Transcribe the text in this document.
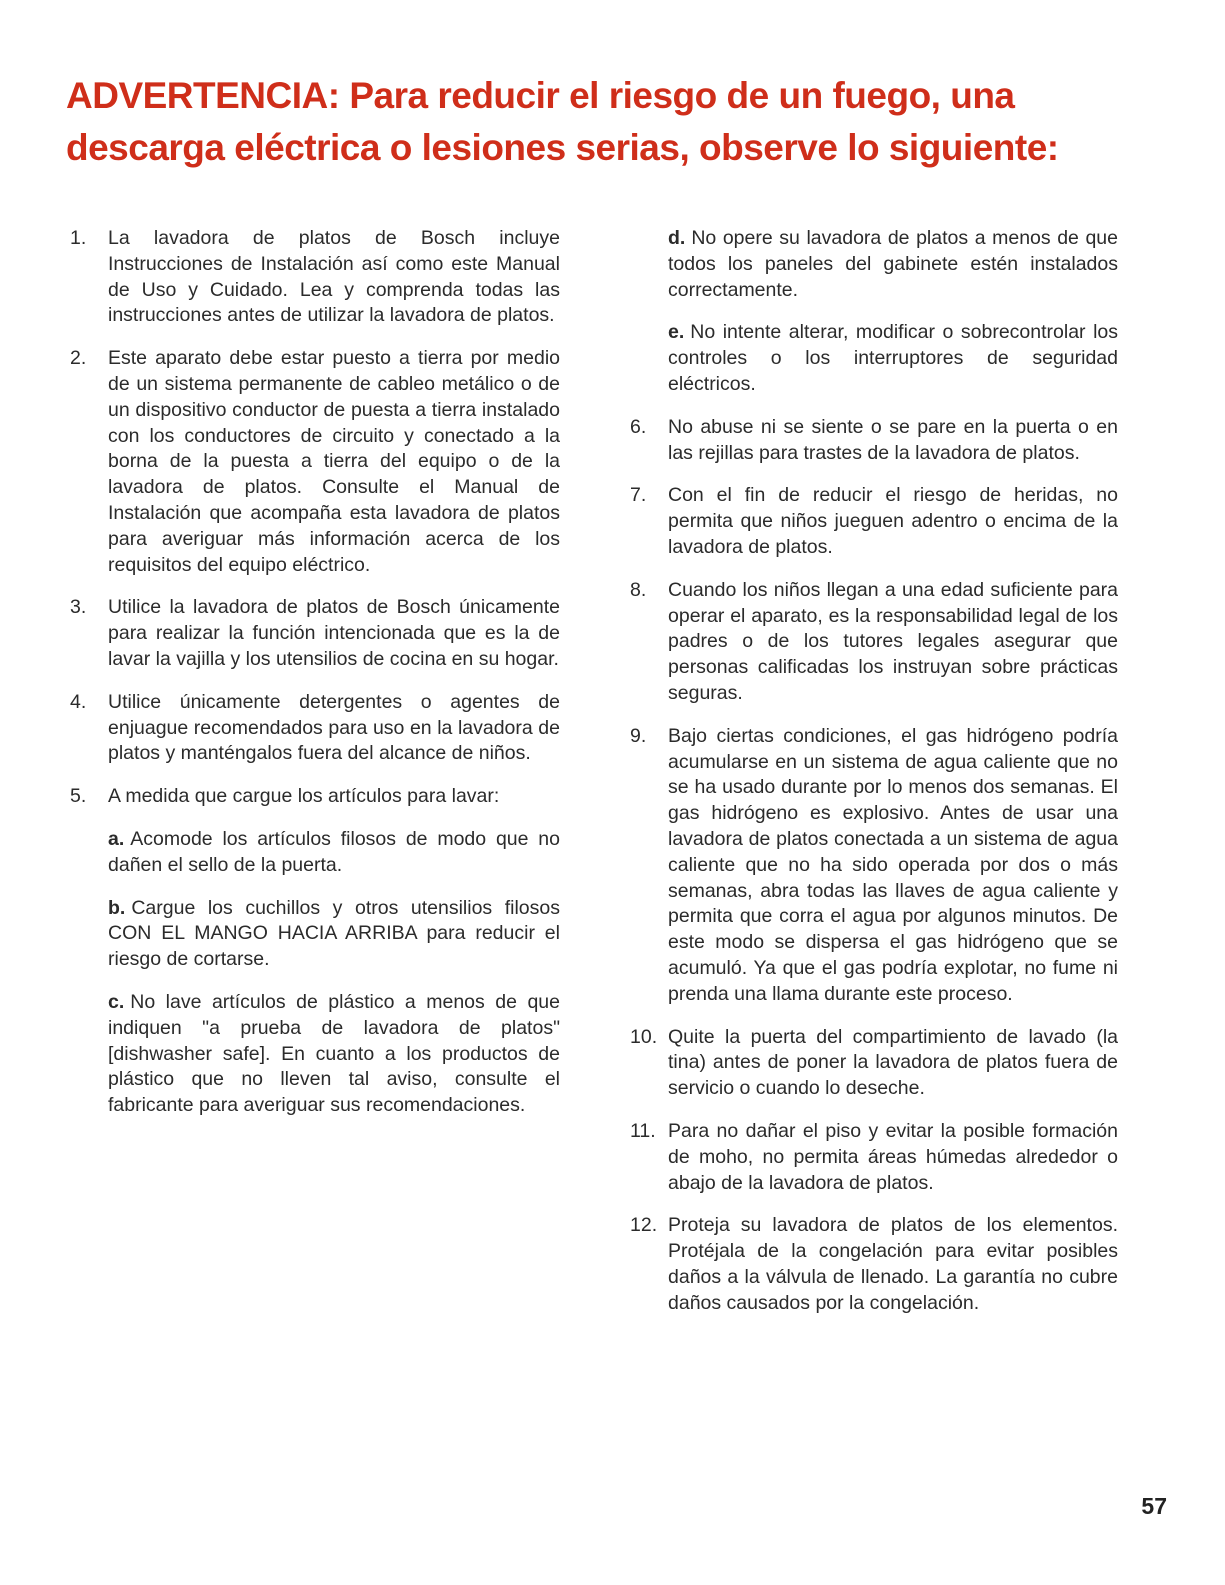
ADVERTENCIA: Para reducir el riesgo de un fuego, una descarga eléctrica o lesiones serias, observe lo siguiente:
1.	La lavadora de platos de Bosch incluye Instrucciones de Instalación así como este Manual de Uso y Cuidado. Lea y comprenda todas las instrucciones antes de utilizar la lavadora de platos.
2.	Este aparato debe estar puesto a tierra por medio de un sistema permanente de cableo metálico o de un dispositivo conductor de puesta a tierra instalado con los conductores de circuito y conectado a la borna de la puesta a tierra del equipo o de la lavadora de platos. Consulte el Manual de Instalación que acompaña esta lavadora de platos para averiguar más información acerca de los requisitos del equipo eléctrico.
3.	Utilice la lavadora de platos de Bosch únicamente para realizar la función intencionada que es la de lavar la vajilla y los utensilios de cocina en su hogar.
4.	Utilice únicamente detergentes o agentes de enjuague recomendados para uso en la lavadora de platos y manténgalos fuera del alcance de niños.
5.	A medida que cargue los artículos para lavar:
a. Acomode los artículos filosos de modo que no dañen el sello de la puerta.
b. Cargue los cuchillos y otros utensilios filosos CON EL MANGO HACIA ARRIBA para reducir el riesgo de cortarse.
c. No lave artículos de plástico a menos de que indiquen "a prueba de lavadora de platos" [dishwasher safe]. En cuanto a los productos de plástico que no lleven tal aviso, consulte el fabricante para averiguar sus recomendaciones.
d. No opere su lavadora de platos a menos de que todos los paneles del gabinete estén instalados correctamente.
e. No intente alterar, modificar o sobrecontrolar los controles o los interruptores de seguridad eléctricos.
6.	No abuse ni se siente o se pare en la puerta o en las rejillas para trastes de la lavadora de platos.
7.	Con el fin de reducir el riesgo de heridas, no permita que niños jueguen adentro o encima de la lavadora de platos.
8.	Cuando los niños llegan a una edad suficiente para operar el aparato, es la responsabilidad legal de los padres o de los tutores legales asegurar que personas calificadas los instruyan sobre prácticas seguras.
9.	Bajo ciertas condiciones, el gas hidrógeno podría acumularse en un sistema de agua caliente que no se ha usado durante por lo menos dos semanas. El gas hidrógeno es explosivo. Antes de usar una lavadora de platos conectada a un sistema de agua caliente que no ha sido operada por dos o más semanas, abra todas las llaves de agua caliente y permita que corra el agua por algunos minutos. De este modo se dispersa el gas hidrógeno que se acumuló. Ya que el gas podría explotar, no fume ni prenda una llama durante este proceso.
10. Quite la puerta del compartimiento de lavado (la tina) antes de poner la lavadora de platos fuera de servicio o cuando lo deseche.
11. Para no dañar el piso y evitar la posible formación de moho, no permita áreas húmedas alrededor o abajo de la lavadora de platos.
12. Proteja su lavadora de platos de los elementos. Protéjala de la congelación para evitar posibles daños a la válvula de llenado. La garantía no cubre daños causados por la congelación.
57
